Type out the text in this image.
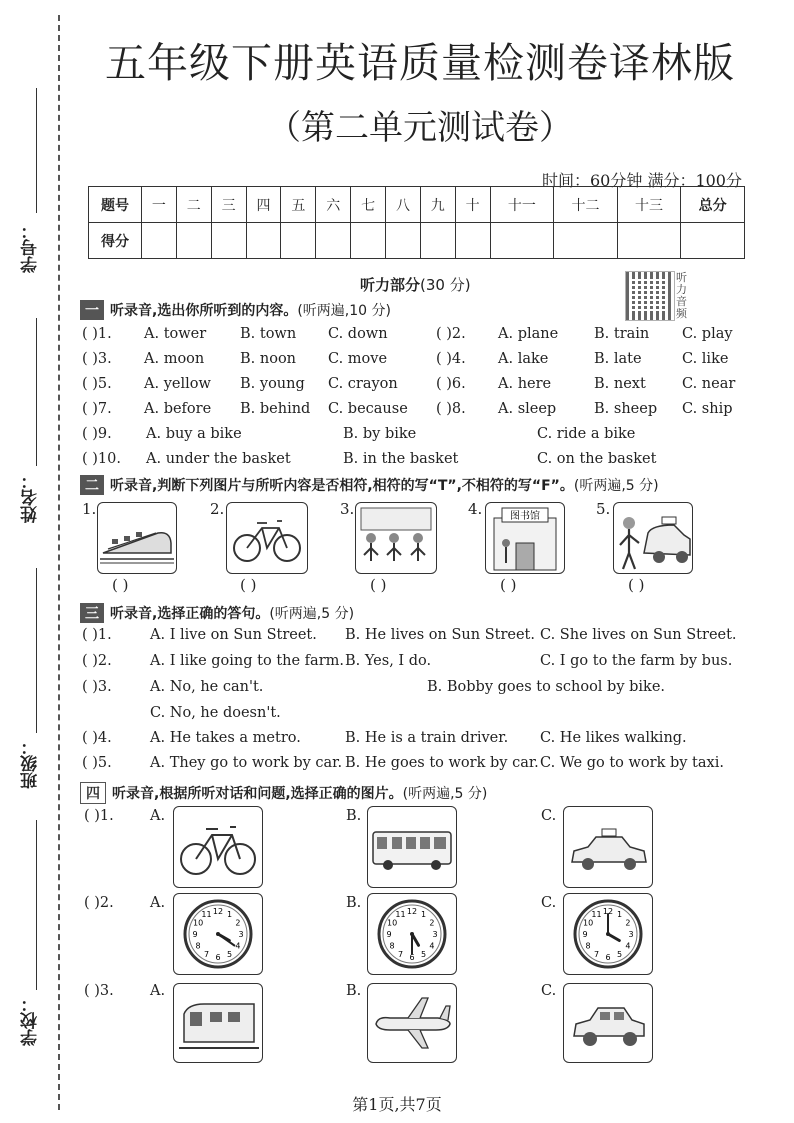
学号：
姓名：
班级：
学校：
五年级下册英语质量检测卷译林版
（第二单元测试卷）
时间：60分钟 满分：100分
题号	一	二	三	四	五	六	七	八	九	十	十一	十二	十三	总分
得分														
听力部分(30 分)	听力音频
一 听录音,选出你所听到的内容。(听两遍,10 分)
( )1. A. tower B. town C. down	( )2. A. plane B. train C. play
( )3. A. moon B. noon C. move	( )4. A. lake	B. late	C. like
( )5. A. yellow B. young C. crayon	( )6. A. here	B. next C. near
( )7. A. before B. behind C. because ( )8. A. sleep	B. sheep C. ship
( )9. A. buy a bike	B. by bike	C. ride a bike
( )10. A. under the basket	B. in the basket	C. on the basket
二 听录音,判断下列图片与所听内容是否相符,相符的写“T”,不相符的写“F”。(听两遍,5 分)
1.
( )
2.
( )
3.
( )
4.	图书馆
( )
5.
( )
三 听录音,选择正确的答句。(听两遍,5 分)
( )1.	A. I live on Sun Street. B. He lives on Sun Street. C. She lives on Sun Street.
( )2.	A. I like going to the farm. B. Yes, I do.	C. I go to the farm by bus.
( )3.	A. No, he can't.	B. Bobby goes to school by bike.
C. No, he doesn't.
( )4.	A. He takes a metro.	B. He is a train driver. C. He likes walking.
( )5.	A. They go to work by car. B. He goes to work by car. C. We go to work by taxi.
四 听录音,根据所听对话和问题,选择正确的图片。(听两遍,5 分)
( )1. A.	B.	C.
( )2. A.	B.	C.
1
2
3
4
5
6
7
8
9
10
11 12	1
2
3
4
5
6
7
8
9
10
11 12	1
2
3
4
5
6
7
8
9
10
11 12
( )3. A.	B.	C.
第1页,共7页
